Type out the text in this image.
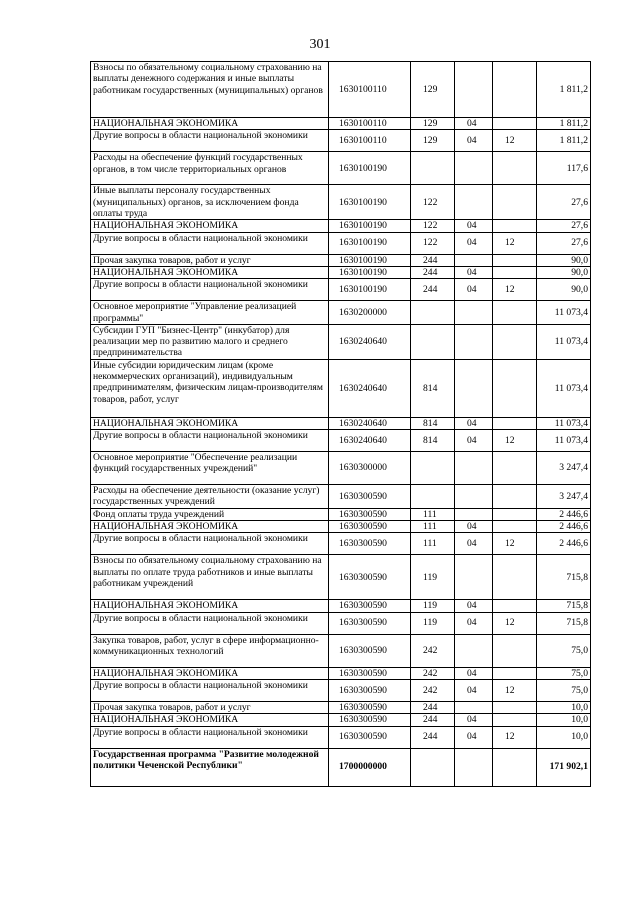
301
Взносы по обязательному социальному страхованию на выплаты денежного содержания и иные выплаты работникам государственных (муниципальных) органов	1630100110	129			1 811,2
НАЦИОНАЛЬНАЯ ЭКОНОМИКА	1630100110	129	04		1 811,2
Другие вопросы в области национальной экономики	1630100110	129	04	12	1 811,2
Расходы на обеспечение функций государственных органов, в том числе территориальных органов	1630100190				117,6
Иные выплаты персоналу государственных (муниципальных) органов, за исключением фонда оплаты труда	1630100190	122			27,6
НАЦИОНАЛЬНАЯ ЭКОНОМИКА	1630100190	122	04		27,6
Другие вопросы в области национальной экономики	1630100190	122	04	12	27,6
Прочая закупка товаров, работ и услуг	1630100190	244			90,0
НАЦИОНАЛЬНАЯ ЭКОНОМИКА	1630100190	244	04		90,0
Другие вопросы в области национальной экономики	1630100190	244	04	12	90,0
Основное мероприятие "Управление реализацией программы"	1630200000				11 073,4
Субсидии ГУП "Бизнес-Центр" (инкубатор) для реализации мер по развитию малого и среднего предпринимательства	1630240640				11 073,4
Иные субсидии юридическим лицам (кроме некоммерческих организаций), индивидуальным предпринимателям, физическим лицам-производителям товаров, работ, услуг	1630240640	814			11 073,4
НАЦИОНАЛЬНАЯ ЭКОНОМИКА	1630240640	814	04		11 073,4
Другие вопросы в области национальной экономики	1630240640	814	04	12	11 073,4
Основное мероприятие "Обеспечение реализации функций государственных учреждений"	1630300000				3 247,4
Расходы на обеспечение деятельности (оказание услуг) государственных учреждений	1630300590				3 247,4
Фонд оплаты труда учреждений	1630300590	111			2 446,6
НАЦИОНАЛЬНАЯ ЭКОНОМИКА	1630300590	111	04		2 446,6
Другие вопросы в области национальной экономики	1630300590	111	04	12	2 446,6
Взносы по обязательному социальному страхованию на выплаты по оплате труда работников и иные выплаты работникам учреждений	1630300590	119			715,8
НАЦИОНАЛЬНАЯ ЭКОНОМИКА	1630300590	119	04		715,8
Другие вопросы в области национальной экономики	1630300590	119	04	12	715,8
Закупка товаров, работ, услуг в сфере информационно-коммуникационных технологий	1630300590	242			75,0
НАЦИОНАЛЬНАЯ ЭКОНОМИКА	1630300590	242	04		75,0
Другие вопросы в области национальной экономики	1630300590	242	04	12	75,0
Прочая закупка товаров, работ и услуг	1630300590	244			10,0
НАЦИОНАЛЬНАЯ ЭКОНОМИКА	1630300590	244	04		10,0
Другие вопросы в области национальной экономики	1630300590	244	04	12	10,0
Государственная программа "Развитие молодежной политики Чеченской Республики"	1700000000				171 902,1
